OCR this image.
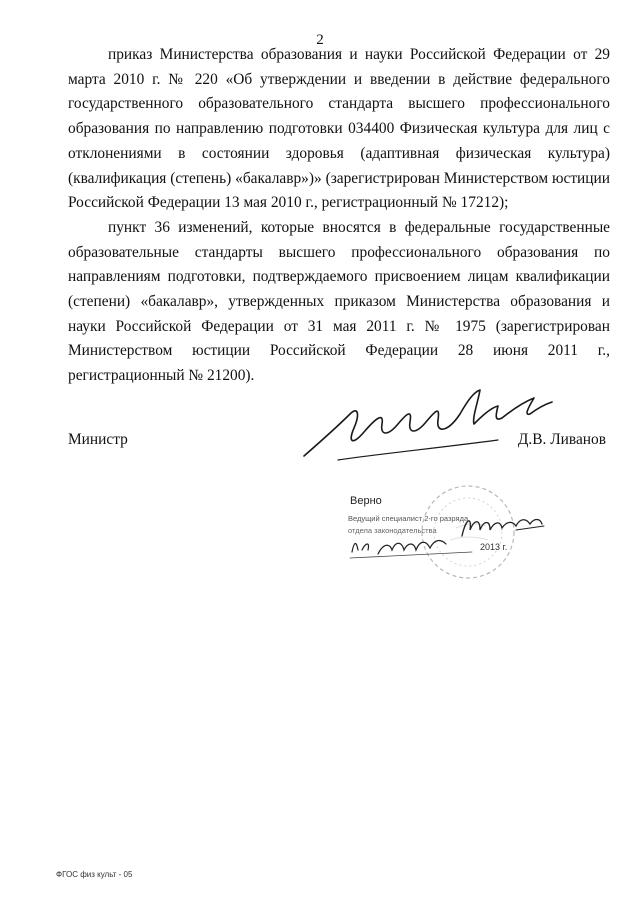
2

приказ Министерства образования и науки Российской Федерации от 29 марта 2010 г. № 220 «Об утверждении и введении в действие федерального государственного образовательного стандарта высшего профессионального образования по направлению подготовки 034400 Физическая культура для лиц с отклонениями в состоянии здоровья (адаптивная физическая культура) (квалификация (степень) «бакалавр»)» (зарегистрирован Министерством юстиции Российской Федерации 13 мая 2010 г., регистрационный № 17212);

пункт 36 изменений, которые вносятся в федеральные государственные образовательные стандарты высшего профессионального образования по направлениям подготовки, подтверждаемого присвоением лицам квалификации (степени) «бакалавр», утвержденных приказом Министерства образования и науки Российской Федерации от 31 мая 2011 г. № 1975 (зарегистрирован Министерством юстиции Российской Федерации 28 июня 2011 г., регистрационный № 21200).

Министр	Д.В. Ливанов
Верно
Ведущий специалист 2-го разряда
отдела законодательства
2013 г.
ФГОС физ культ - 05
